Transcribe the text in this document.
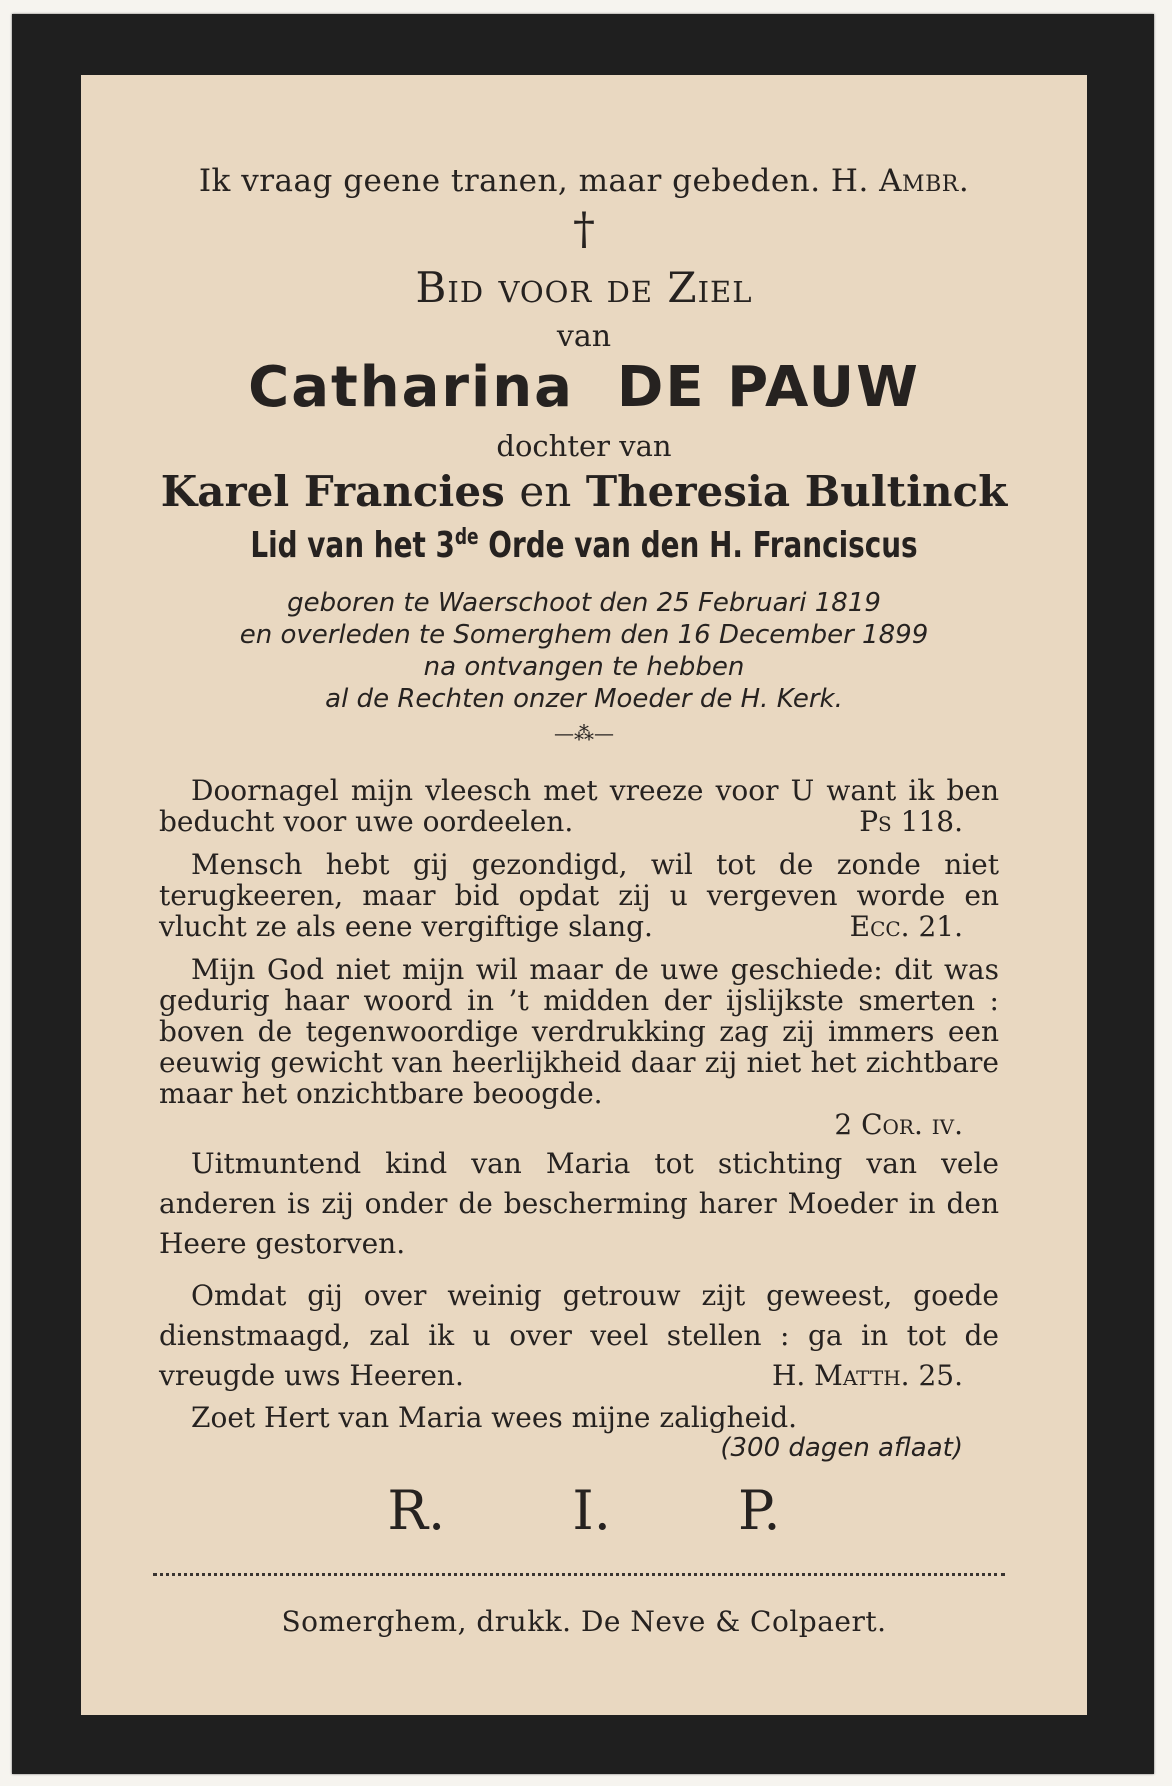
Ik vraag geene tranen, maar gebeden. H. Ambr.
†
Bid voor de Ziel
van
Catharina  DE PAUW
dochter van
Karel Francies en Theresia Bultinck
Lid van het 3de Orde van den H. Franciscus
geboren te Waerschoot den 25 Februari 1819
en overleden te Somerghem den 16 December 1899
na ontvangen te hebben
al de Rechten onzer Moeder de H. Kerk.
—⁂—
Doornagel mijn vleesch met vreeze voor U want ik ben beducht voor uwe oordeelen.	Ps 118.
Mensch hebt gij gezondigd, wil tot de zonde niet terugkeeren, maar bid opdat zij u vergeven worde en vlucht ze als eene vergiftige slang.	Ecc. 21.
Mijn God niet mijn wil maar de uwe geschiede: dit was gedurig haar woord in ’t midden der ijslijkste smerten : boven de tegenwoordige verdrukking zag zij immers een eeuwig gewicht van heerlijkheid daar zij niet het zichtbare maar het onzichtbare beoogde.
2 Cor. iv.
Uitmuntend kind van Maria tot stichting van vele anderen is zij onder de bescherming harer Moeder in den Heere gestorven.
Omdat gij over weinig getrouw zijt geweest, goede dienstmaagd, zal ik u over veel stellen : ga in tot de vreugde uws Heeren.	H. Matth. 25.
Zoet Hert van Maria wees mijne zaligheid.
(300 dagen aflaat)
R. I. P.
Somerghem, drukk. De Neve & Colpaert.
